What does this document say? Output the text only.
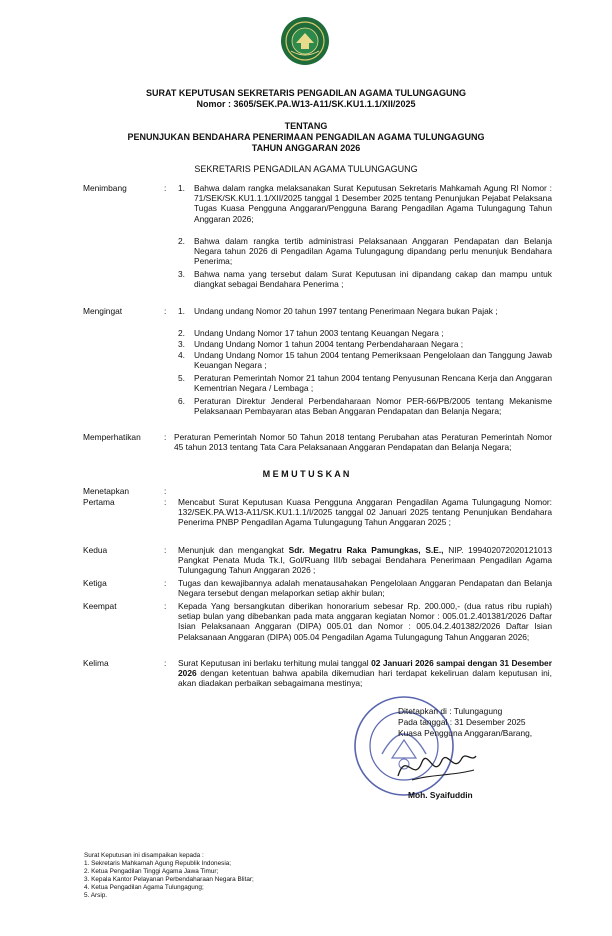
SURAT KEPUTUSAN SEKRETARIS PENGADILAN AGAMA TULUNGAGUNG
Nomor : 3605/SEK.PA.W13-A11/SK.KU1.1.1/XII/2025
TENTANG
PENUNJUKAN BENDAHARA PENERIMAAN PENGADILAN AGAMA TULUNGAGUNG
TAHUN ANGGARAN 2026
SEKRETARIS PENGADILAN AGAMA TULUNGAGUNG
Menimbang	:	1.	Bahwa dalam rangka melaksanakan Surat Keputusan Sekretaris Mahkamah Agung RI Nomor : 71/SEK/SK.KU1.1.1/XII/2025 tanggal 1 Desember 2025 tentang Penunjukan Pejabat Pelaksana Tugas Kuasa Pengguna Anggaran/Pengguna Barang Pengadilan Agama Tulungagung Tahun Anggaran 2026;
2.	Bahwa dalam rangka tertib administrasi Pelaksanaan Anggaran Pendapatan dan Belanja Negara tahun 2026 di Pengadilan Agama Tulungagung dipandang perlu menunjuk Bendahara Penerima;
3.	Bahwa nama yang tersebut dalam Surat Keputusan ini dipandang cakap dan mampu untuk diangkat sebagai Bendahara Penerima ;
Mengingat	:	1.	Undang undang Nomor 20 tahun 1997 tentang Penerimaan Negara bukan Pajak ;
2.	Undang Undang Nomor 17 tahun 2003 tentang Keuangan Negara ;
3.	Undang Undang Nomor 1 tahun 2004 tentang Perbendaharaan Negara ;
4.	Undang Undang Nomor 15 tahun 2004 tentang Pemeriksaan Pengelolaan dan Tanggung Jawab Keuangan Negara ;
5.	Peraturan Pemerintah Nomor 21 tahun 2004 tentang Penyusunan Rencana Kerja dan Anggaran Kementrian Negara / Lembaga ;
6.	Peraturan Direktur Jenderal Perbendaharaan Nomor PER-66/PB/2005 tentang Mekanisme Pelaksanaan Pembayaran atas Beban Anggaran Pendapatan dan Belanja Negara;
Memperhatikan	: Peraturan Pemerintah Nomor 50 Tahun 2018 tentang Perubahan atas Peraturan Pemerintah Nomor 45 tahun 2013 tentang Tata Cara Pelaksanaan Anggaran Pendapatan dan Belanja Negara;
M E M U T U S K A N
Menetapkan	:
Pertama	:	Mencabut Surat Keputusan Kuasa Pengguna Anggaran Pengadilan Agama Tulungagung Nomor: 132/SEK.PA.W13-A11/SK.KU1.1.1/I/2025 tanggal 02 Januari 2025 tentang Penunjukan Bendahara Penerima PNBP Pengadilan Agama Tulungagung Tahun Anggaran 2025 ;
Kedua	:	Menunjuk dan mengangkat Sdr. Megatru Raka Pamungkas, S.E., NIP. 199402072020121013 Pangkat Penata Muda Tk.I, Gol/Ruang III/b sebagai Bendahara Penerimaan Pengadilan Agama Tulungagung Tahun Anggaran 2026 ;
Ketiga	:	Tugas dan kewajibannya adalah menatausahakan Pengelolaan Anggaran Pendapatan dan Belanja Negara tersebut dengan melaporkan setiap akhir bulan;
Keempat	:	Kepada Yang bersangkutan diberikan honorarium sebesar Rp. 200.000,- (dua ratus ribu rupiah) setiap bulan yang dibebankan pada mata anggaran kegiatan Nomor : 005.01.2.401381/2026 Daftar Isian Pelaksanaan Anggaran (DIPA) 005.01 dan Nomor : 005.04.2.401382/2026 Daftar Isian Pelaksanaan Anggaran (DIPA) 005.04 Pengadilan Agama Tulungagung Tahun Anggaran 2026;
Kelima	:	Surat Keputusan ini berlaku terhitung mulai tanggal 02 Januari 2026 sampai dengan 31 Desember 2026 dengan ketentuan bahwa apabila dikemudian hari terdapat kekeliruan dalam keputusan ini, akan diadakan perbaikan sebagaimana mestinya;
Ditetapkan di : Tulungagung
Pada tanggal : 31 Desember 2025
Kuasa Pengguna Anggaran/Barang,
Moh. Syaifuddin
Surat Keputusan ini disampaikan kepada :
1. Sekretaris Mahkamah Agung Republik Indonesia;
2. Ketua Pengadilan Tinggi Agama Jawa Timur;
3. Kepala Kantor Pelayanan Perbendaharaan Negara Blitar;
4. Ketua Pengadilan Agama Tulungagung;
5. Arsip.
